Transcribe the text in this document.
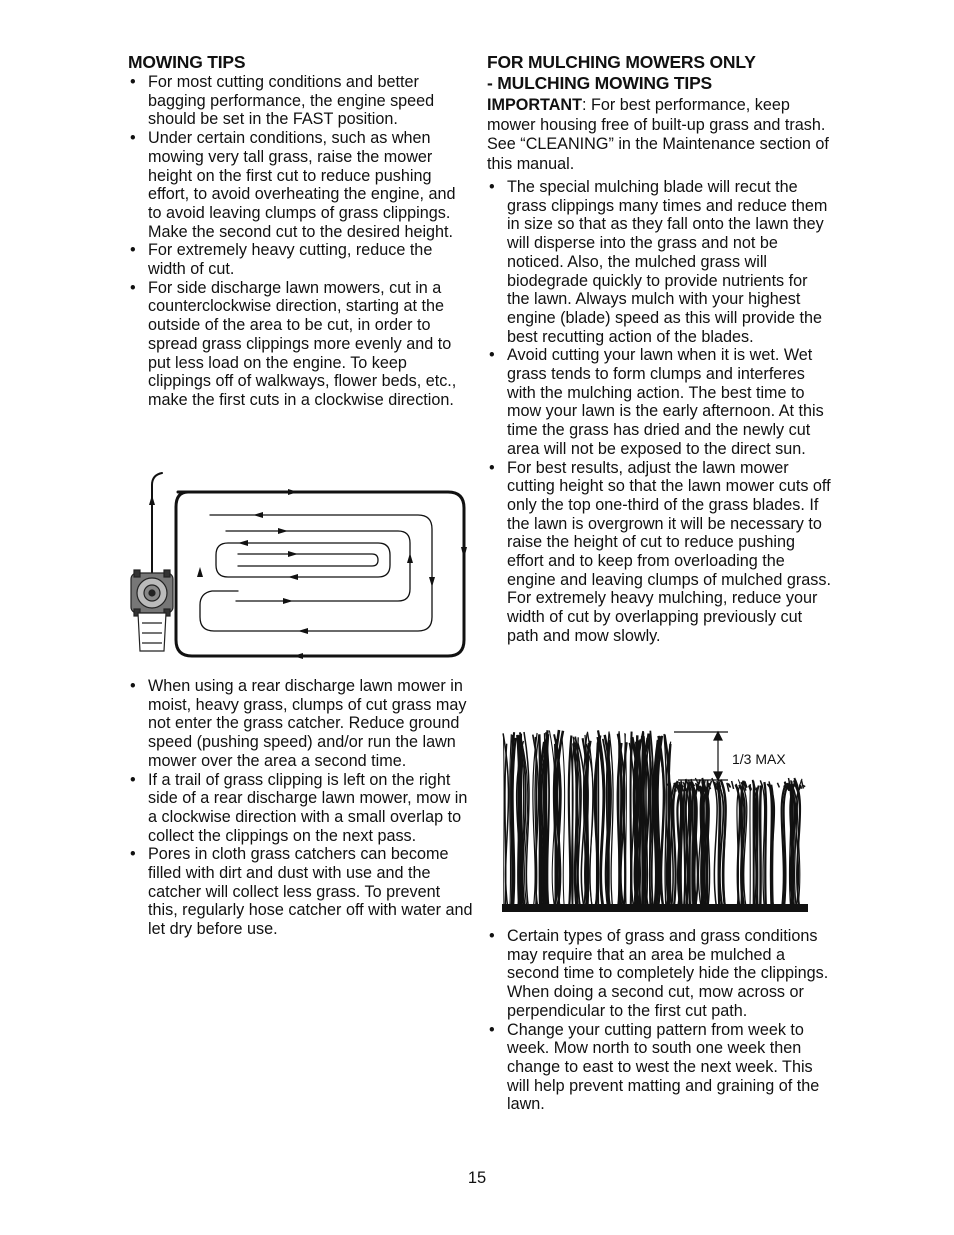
MOWING TIPS
• For most cutting conditions and better bagging performance, the engine speed should be set in the FAST position.
• Under certain conditions, such as when mowing very tall grass, raise the mower height on the first cut to reduce pushing effort, to avoid overheating the engine, and to avoid leaving clumps of grass clippings. Make the second cut to the desired height.
• For extremely heavy cutting, reduce the width of cut.
• For side discharge lawn mowers, cut in a counterclockwise direction, starting at the outside of the area to be cut, in order to spread grass clippings more evenly and to put less load on the engine. To keep clippings off of walkways, flower beds, etc., make the first cuts in a clockwise direction.
• When using a rear discharge lawn mower in moist, heavy grass, clumps of cut grass may not enter the grass catcher. Reduce ground speed (pushing speed) and/or run the lawn mower over the area a second time.
• If a trail of grass clipping is left on the right side of a rear discharge lawn mower, mow in a clockwise direction with a small overlap to collect the clippings on the next pass.
• Pores in cloth grass catchers can become filled with dirt and dust with use and the catcher will collect less grass. To prevent this, regularly hose catcher off with water and let dry before use.
FOR MULCHING MOWERS ONLY
- MULCHING MOWING TIPS

IMPORTANT: For best performance, keep mower housing free of built-up grass and trash. See “CLEANING” in the Maintenance section of this manual.

• The special mulching blade will recut the grass clippings many times and reduce them in size so that as they fall onto the lawn they will disperse into the grass and not be noticed. Also, the mulched grass will biodegrade quickly to provide nutrients for the lawn. Always mulch with your highest engine (blade) speed as this will provide the best recutting action of the blades.
• Avoid cutting your lawn when it is wet. Wet grass tends to form clumps and interferes with the mulching action. The best time to mow your lawn is the early afternoon. At this time the grass has dried and the newly cut area will not be exposed to the direct sun.
• For best results, adjust the lawn mower cutting height so that the lawn mower cuts off only the top one-third of the grass blades. If the lawn is overgrown it will be necessary to raise the height of cut to reduce pushing effort and to keep from overloading the engine and leaving clumps of mulched grass. For extremely heavy mulching, reduce your width of cut by overlapping previously cut path and mow slowly.
1/3 MAX
• Certain types of grass and grass conditions may require that an area be mulched a second time to completely hide the clippings. When doing a second cut, mow across or perpendicular to the first cut path.
• Change your cutting pattern from week to week. Mow north to south one week then change to east to west the next week. This will help prevent matting and graining of the lawn.
15
